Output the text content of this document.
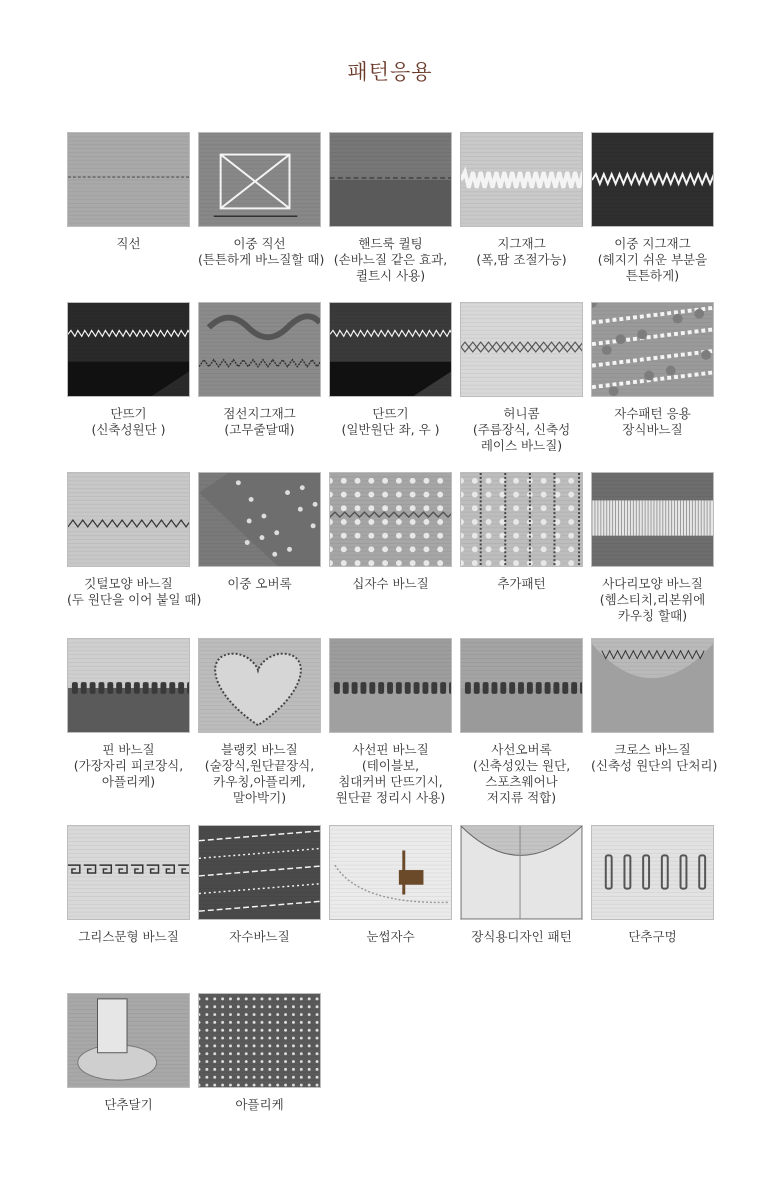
패턴응용
직선	이중 직선
(튼튼하게 바느질할 때)
핸드룩 퀼팅
(손바느질 같은 효과,
퀼트시 사용)
지그재그
(폭,땀 조절가능)
이중 지그재그
(헤지기 쉬운 부분을
튼튼하게)
단뜨기
(신축성원단 )
점선지그재그
(고무줄달때)
단뜨기
(일반원단 좌, 우 )
허니콤
(주름장식, 신축성
레이스 바느질)
자수패턴 응용
장식바느질
깃털모양 바느질
(두 원단을 이어 붙일 때)
이중 오버록	십자수 바느질	추가패턴	사다리모양 바느질
(헴스티치,리본위에
카우칭 할때)
핀 바느질
(가장자리 피코장식,
아플리케)
블랭킷 바느질
(술장식,원단끝장식,
카우칭,아플리케,
말아박기)
사선핀 바느질
(테이블보,
침대커버 단뜨기시,
원단끝 정리시 사용)
사선오버록
(신축성있는 원단,
스포츠웨어나
저지류 적합)
크로스 바느질
(신축성 원단의 단처리)
그리스문형 바느질	자수바느질	눈썹자수	장식용디자인 패턴	단추구멍
단추달기	아플리케
